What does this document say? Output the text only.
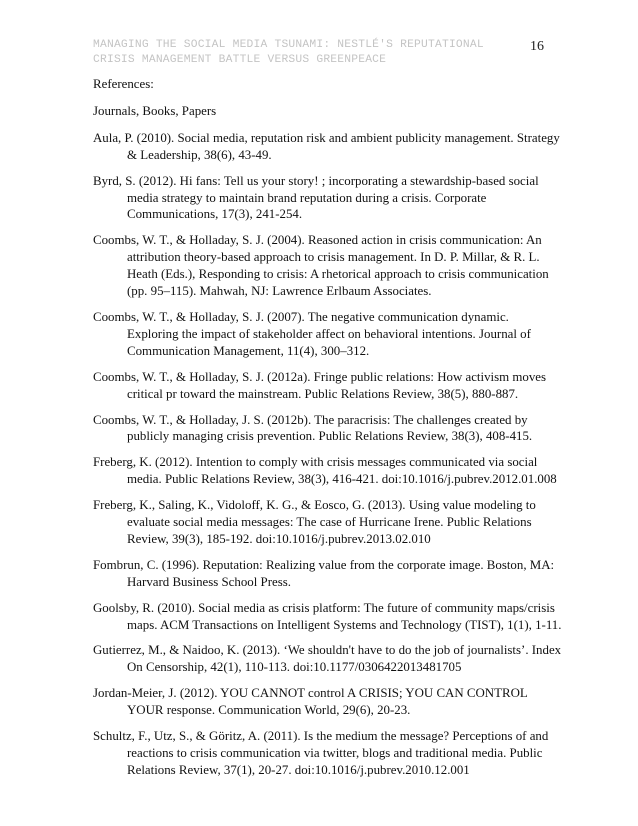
MANAGING THE SOCIAL MEDIA TSUNAMI: NESTLÉ'S REPUTATIONAL
CRISIS MANAGEMENT BATTLE VERSUS GREENPEACE
16

References:

Journals, Books, Papers

Aula, P. (2010). Social media, reputation risk and ambient publicity management. Strategy & Leadership, 38(6), 43-49.
Byrd, S. (2012). Hi fans: Tell us your story! ; incorporating a stewardship-based social media strategy to maintain brand reputation during a crisis. Corporate Communications, 17(3), 241-254.
Coombs, W. T., & Holladay, S. J. (2004). Reasoned action in crisis communication: An attribution theory-based approach to crisis management. In D. P. Millar, & R. L. Heath (Eds.), Responding to crisis: A rhetorical approach to crisis communication (pp. 95–115). Mahwah, NJ: Lawrence Erlbaum Associates.
Coombs, W. T., & Holladay, S. J. (2007). The negative communication dynamic. Exploring the impact of stakeholder affect on behavioral intentions. Journal of Communication Management, 11(4), 300–312.
Coombs, W. T., & Holladay, S. J. (2012a). Fringe public relations: How activism moves critical pr toward the mainstream. Public Relations Review, 38(5), 880-887.
Coombs, W. T., & Holladay, J. S. (2012b). The paracrisis: The challenges created by publicly managing crisis prevention. Public Relations Review, 38(3), 408-415.
Freberg, K. (2012). Intention to comply with crisis messages communicated via social media. Public Relations Review, 38(3), 416-421. doi:10.1016/j.pubrev.2012.01.008
Freberg, K., Saling, K., Vidoloff, K. G., & Eosco, G. (2013). Using value modeling to evaluate social media messages: The case of Hurricane Irene. Public Relations Review, 39(3), 185-192. doi:10.1016/j.pubrev.2013.02.010
Fombrun, C. (1996). Reputation: Realizing value from the corporate image. Boston, MA: Harvard Business School Press.
Goolsby, R. (2010). Social media as crisis platform: The future of community maps/crisis maps. ACM Transactions on Intelligent Systems and Technology (TIST), 1(1), 1-11.
Gutierrez, M., & Naidoo, K. (2013). ‘We shouldn't have to do the job of journalists’. Index On Censorship, 42(1), 110-113. doi:10.1177/0306422013481705
Jordan-Meier, J. (2012). YOU CANNOT control A CRISIS; YOU CAN CONTROL YOUR response. Communication World, 29(6), 20-23.
Schultz, F., Utz, S., & Göritz, A. (2011). Is the medium the message? Perceptions of and reactions to crisis communication via twitter, blogs and traditional media. Public Relations Review, 37(1), 20-27. doi:10.1016/j.pubrev.2010.12.001
